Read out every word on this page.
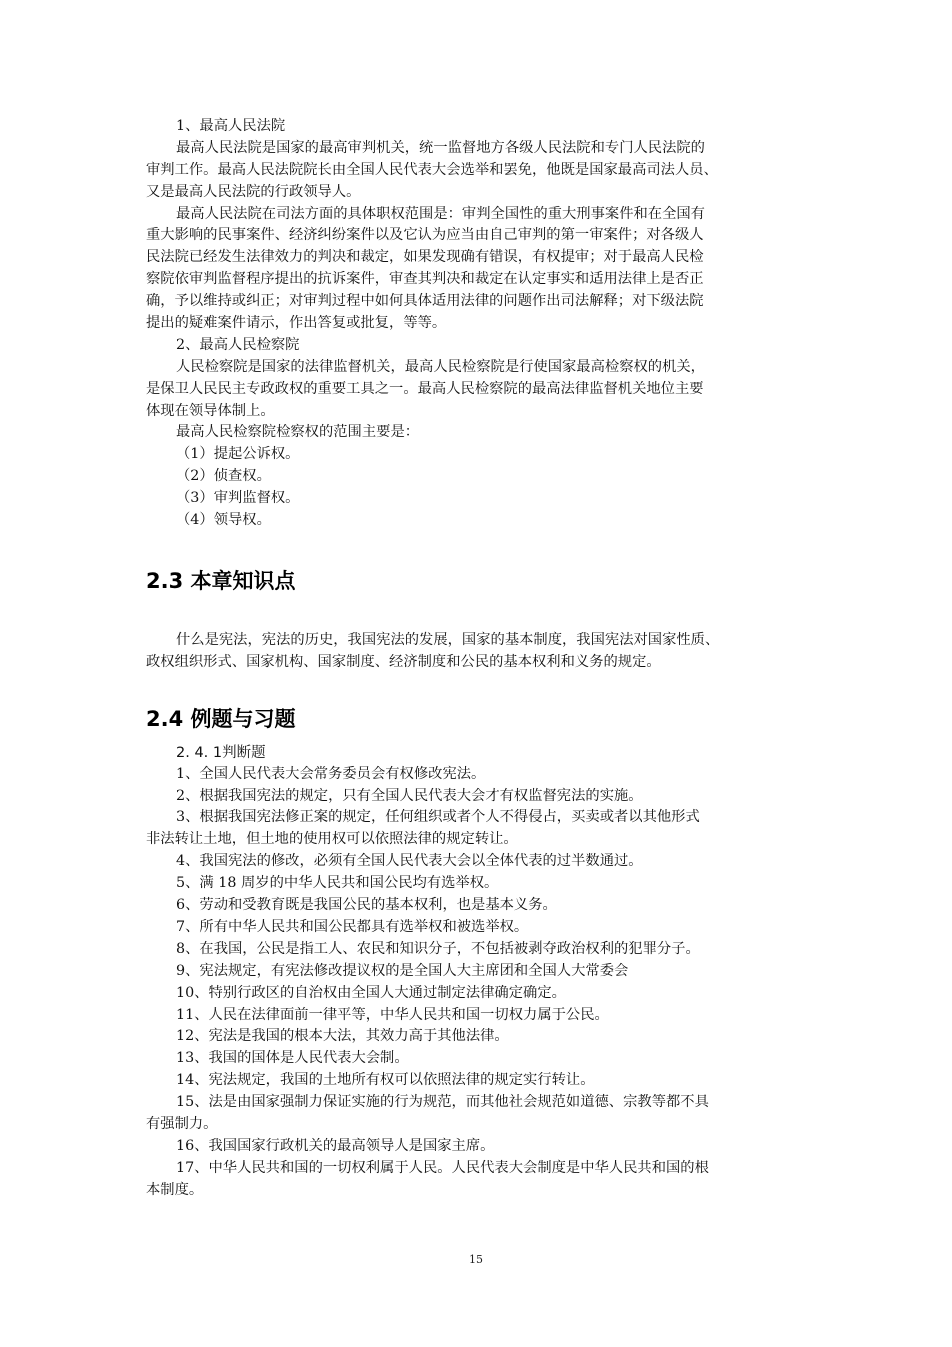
1、最高人民法院
最高人民法院是国家的最高审判机关，统一监督地方各级人民法院和专门人民法院的
审判工作。最高人民法院院长由全国人民代表大会选举和罢免，他既是国家最高司法人员、
又是最高人民法院的行政领导人。
最高人民法院在司法方面的具体职权范围是：审判全国性的重大刑事案件和在全国有
重大影响的民事案件、经济纠纷案件以及它认为应当由自己审判的第一审案件；对各级人
民法院已经发生法律效力的判决和裁定，如果发现确有错误，有权提审；对于最高人民检
察院依审判监督程序提出的抗诉案件，审查其判决和裁定在认定事实和适用法律上是否正
确，予以维持或纠正；对审判过程中如何具体适用法律的问题作出司法解释；对下级法院
提出的疑难案件请示，作出答复或批复，等等。
2、最高人民检察院
人民检察院是国家的法律监督机关，最高人民检察院是行使国家最高检察权的机关，
是保卫人民民主专政政权的重要工具之一。最高人民检察院的最高法律监督机关地位主要
体现在领导体制上。
最高人民检察院检察权的范围主要是：
（1）提起公诉权。
（2）侦查权。
（3）审判监督权。
（4）领导权。
2.3 本章知识点
什么是宪法，宪法的历史，我国宪法的发展，国家的基本制度，我国宪法对国家性质、
政权组织形式、国家机构、国家制度、经济制度和公民的基本权利和义务的规定。
2.4 例题与习题
2. 4. 1判断题
1、全国人民代表大会常务委员会有权修改宪法。
2、根据我国宪法的规定，只有全国人民代表大会才有权监督宪法的实施。
3、根据我国宪法修正案的规定，任何组织或者个人不得侵占，买卖或者以其他形式
非法转让土地，但土地的使用权可以依照法律的规定转让。
4、我国宪法的修改，必须有全国人民代表大会以全体代表的过半数通过。
5、满 18 周岁的中华人民共和国公民均有选举权。
6、劳动和受教育既是我国公民的基本权利，也是基本义务。
7、所有中华人民共和国公民都具有选举权和被选举权。
8、在我国，公民是指工人、农民和知识分子，不包括被剥夺政治权利的犯罪分子。
9、宪法规定，有宪法修改提议权的是全国人大主席团和全国人大常委会
10、特别行政区的自治权由全国人大通过制定法律确定确定。
11、人民在法律面前一律平等，中华人民共和国一切权力属于公民。
12、宪法是我国的根本大法，其效力高于其他法律。
13、我国的国体是人民代表大会制。
14、宪法规定，我国的土地所有权可以依照法律的规定实行转让。
15、法是由国家强制力保证实施的行为规范，而其他社会规范如道德、宗教等都不具
有强制力。
16、我国国家行政机关的最高领导人是国家主席。
17、中华人民共和国的一切权利属于人民。人民代表大会制度是中华人民共和国的根
本制度。
15
